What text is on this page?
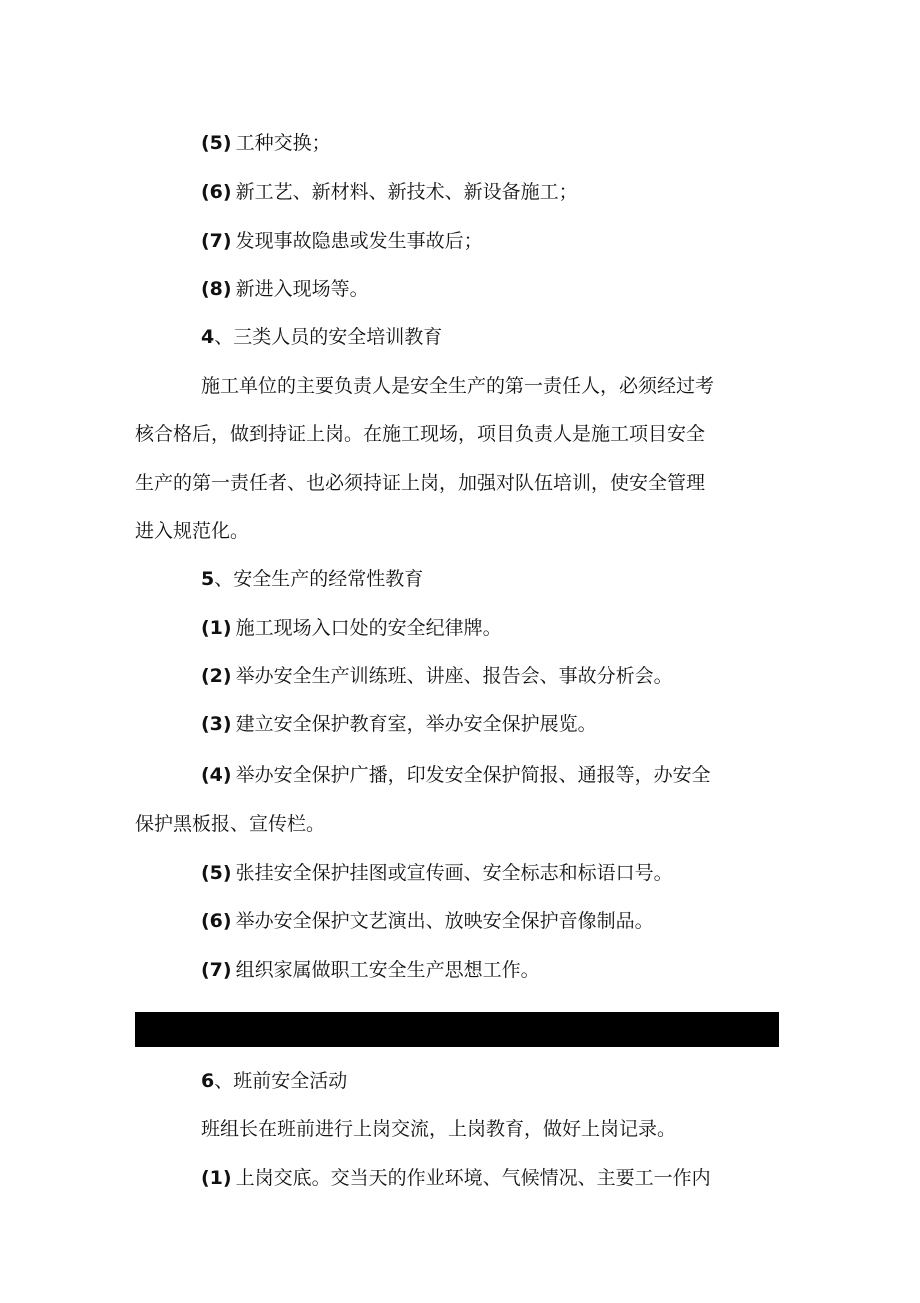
(5) 工种交换；
(6) 新工艺、新材料、新技术、新设备施工；
(7) 发现事故隐患或发生事故后；
(8) 新进入现场等。
4、三类人员的安全培训教育
施工单位的主要负责人是安全生产的第一责任人，必须经过考
核合格后，做到持证上岗。在施工现场，项目负责人是施工项目安全
生产的第一责任者、也必须持证上岗，加强对队伍培训，使安全管理
进入规范化。
5、安全生产的经常性教育
(1) 施工现场入口处的安全纪律牌。
(2) 举办安全生产训练班、讲座、报告会、事故分析会。
(3) 建立安全保护教育室，举办安全保护展览。
(4) 举办安全保护广播，印发安全保护简报、通报等，办安全
保护黑板报、宣传栏。
(5) 张挂安全保护挂图或宣传画、安全标志和标语口号。
(6) 举办安全保护文艺演出、放映安全保护音像制品。
(7) 组织家属做职工安全生产思想工作。
6、班前安全活动
班组长在班前进行上岗交流，上岗教育，做好上岗记录。
(1) 上岗交底。交当天的作业环境、气候情况、主要工一作内
